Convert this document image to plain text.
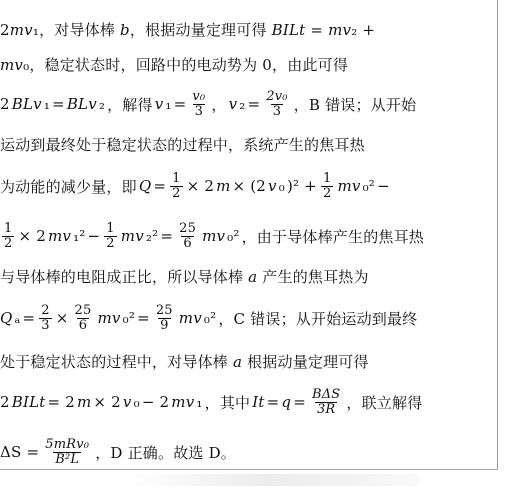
2mv₁，对导体棒 b，根据动量定理可得 BILt = mv₂ +
mv₀，稳定状态时，回路中的电动势为 0，由此可得
2 BLv ₁ = BLv ₂ ，解得 v $_1 = \frac{\text{v₀}}{3}$ ， v $_2 = \frac{\text{2v₀}}{3}$ ，B 错误；从开始
运动到最终处于稳定状态的过程中，系统产生的焦耳热
为动能的减少量，即 $Q = \frac{1}{2} \times 2$ m × (2 v ₀ )$^2 + \frac{1}{2}$ mv ₀² −
$\frac{1}{2} \times 2$ mv $_1^2 - \frac{1}{2}$ mv $_2^2 = \frac{25}{6}$ mv ₀² ，由于导体棒产生的焦耳热
与导体棒的电阻成正比，所以导体棒 a 产生的焦耳热为
Q $_a = \frac{2}{3} \times \frac{25}{6}$ mv $_0^2 = \frac{25}{9}$ mv ₀² ，C 错误；从开始运动到最终
处于稳定状态的过程中，对导体棒 a 根据动量定理可得
2 BILt = 2 m × 2 v ₀ − 2 mv ₁ ，其中 $It = q = \frac{\text{BΔS}}{3R}$ ，联立解得
$\Delta S = \frac{\text{5mRv₀}}{\text{B²L}}$ ，D 正确。故选 D。
